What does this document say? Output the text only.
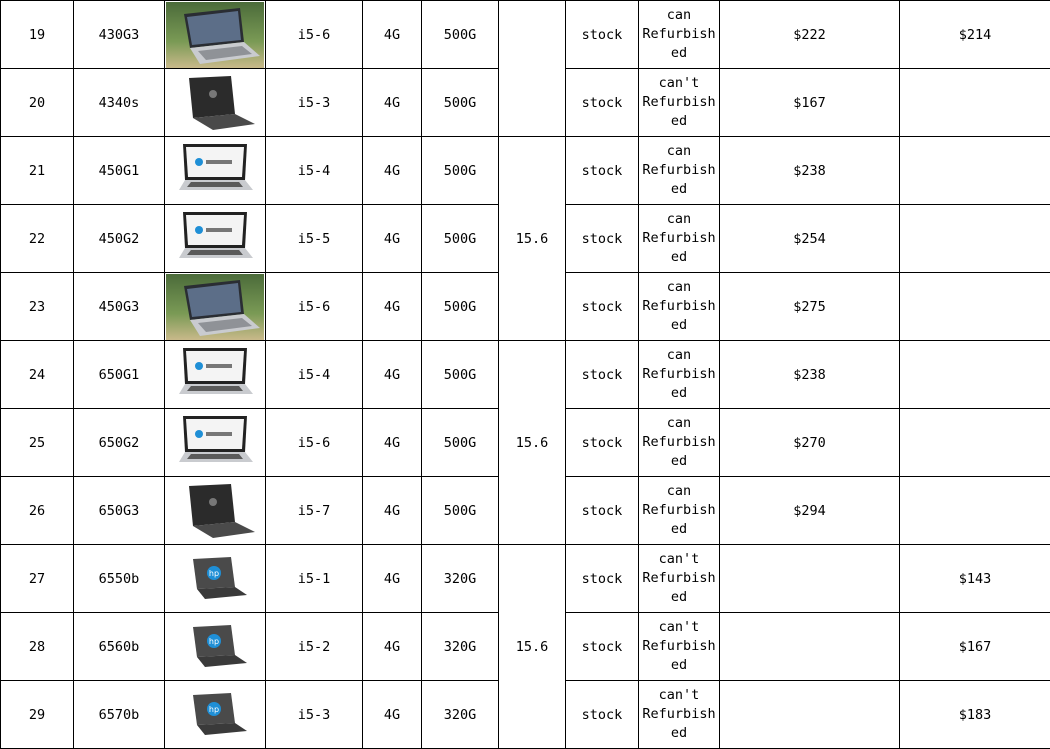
19	430G3		i5-6	4G	500G		stock	can
Refurbish
ed	$222	$214
20	4340s		i5-3	4G	500G		stock	can't
Refurbish
ed	$167	
21	450G1		i5-4	4G	500G	15.6	stock	can
Refurbish
ed	$238	
22	450G2		i5-5	4G	500G		stock	can
Refurbish
ed	$254	
23	450G3		i5-6	4G	500G		stock	can
Refurbish
ed	$275	
24	650G1		i5-4	4G	500G	15.6	stock	can
Refurbish
ed	$238	
25	650G2		i5-6	4G	500G		stock	can
Refurbish
ed	$270	
26	650G3		i5-7	4G	500G		stock	can
Refurbish
ed	$294	
27	6550b	hp	i5-1	4G	320G	15.6	stock	can't
Refurbish
ed		$143
28	6560b	hp	i5-2	4G	320G		stock	can't
Refurbish
ed		$167
29	6570b	hp	i5-3	4G	320G		stock	can't
Refurbish
ed		$183
